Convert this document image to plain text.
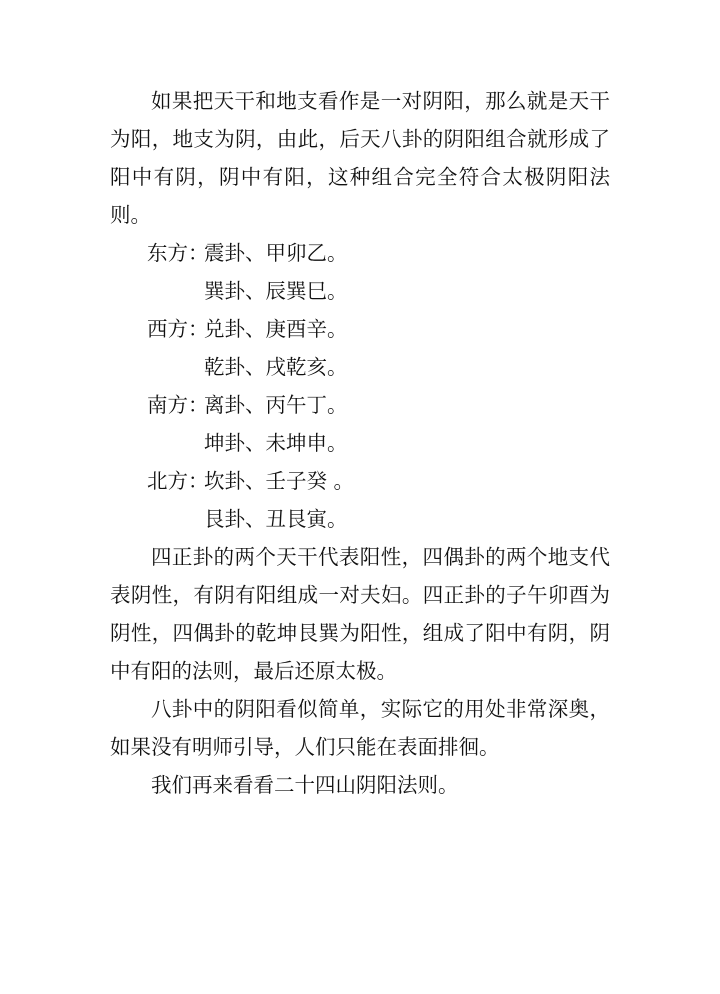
如果把天干和地支看作是一对阴阳，那么就是天干为阳，地支为阴，由此，后天八卦的阴阳组合就形成了阳中有阴，阴中有阳，这种组合完全符合太极阴阳法则。

东方：震卦、甲卯乙。

巽卦、辰巽巳。

西方：兑卦、庚酉辛。

乾卦、戌乾亥。

南方：离卦、丙午丁。

坤卦、未坤申。

北方：坎卦、壬子癸 。

艮卦、丑艮寅。

四正卦的两个天干代表阳性，四偶卦的两个地支代表阴性，有阴有阳组成一对夫妇。四正卦的子午卯酉为阴性，四偶卦的乾坤艮巽为阳性，组成了阳中有阴，阴中有阳的法则，最后还原太极。

八卦中的阴阳看似简单，实际它的用处非常深奥，如果没有明师引导，人们只能在表面排徊。

我们再来看看二十四山阴阳法则。
